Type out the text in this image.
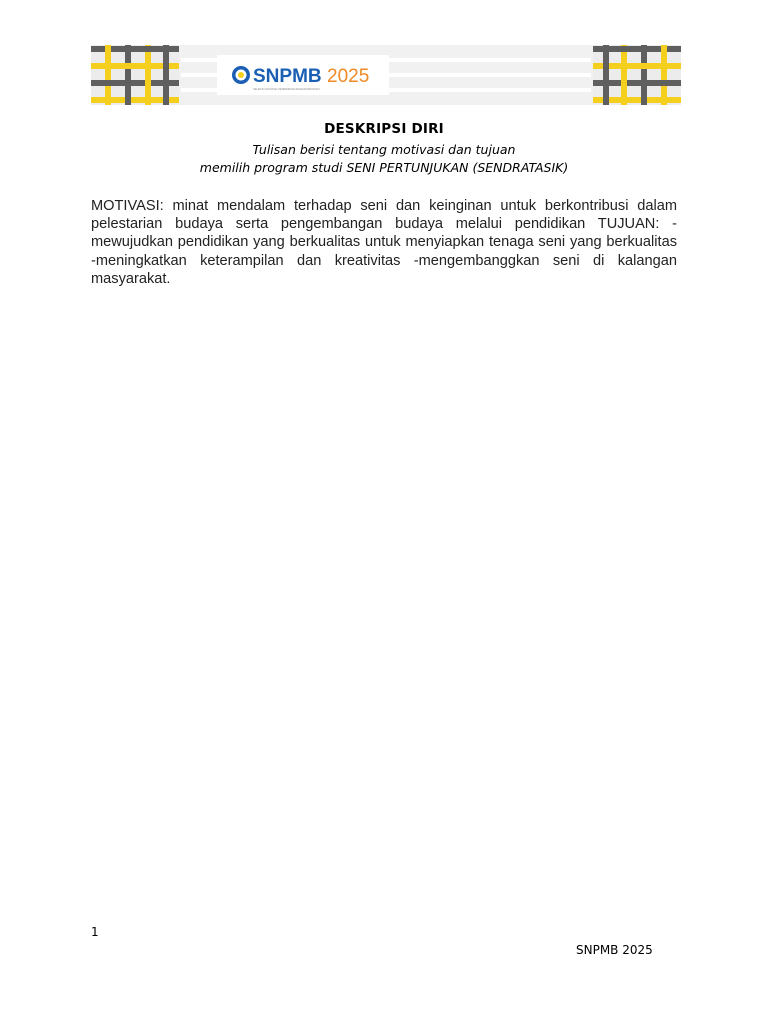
SNPMB 2025
SELEKSI NASIONAL PENERIMAAN MAHASISWA BARU
DESKRIPSI DIRI
Tulisan berisi tentang motivasi dan tujuan
memilih program studi SENI PERTUNJUKAN (SENDRATASIK)

MOTIVASI: minat mendalam terhadap seni dan keinginan untuk berkontribusi dalam pelestarian budaya serta pengembangan budaya melalui pendidikan TUJUAN: -mewujudkan pendidikan yang berkualitas untuk menyiapkan tenaga seni yang berkualitas -meningkatkan keterampilan dan kreativitas -mengembanggkan seni di kalangan masyarakat.

1
SNPMB 2025
